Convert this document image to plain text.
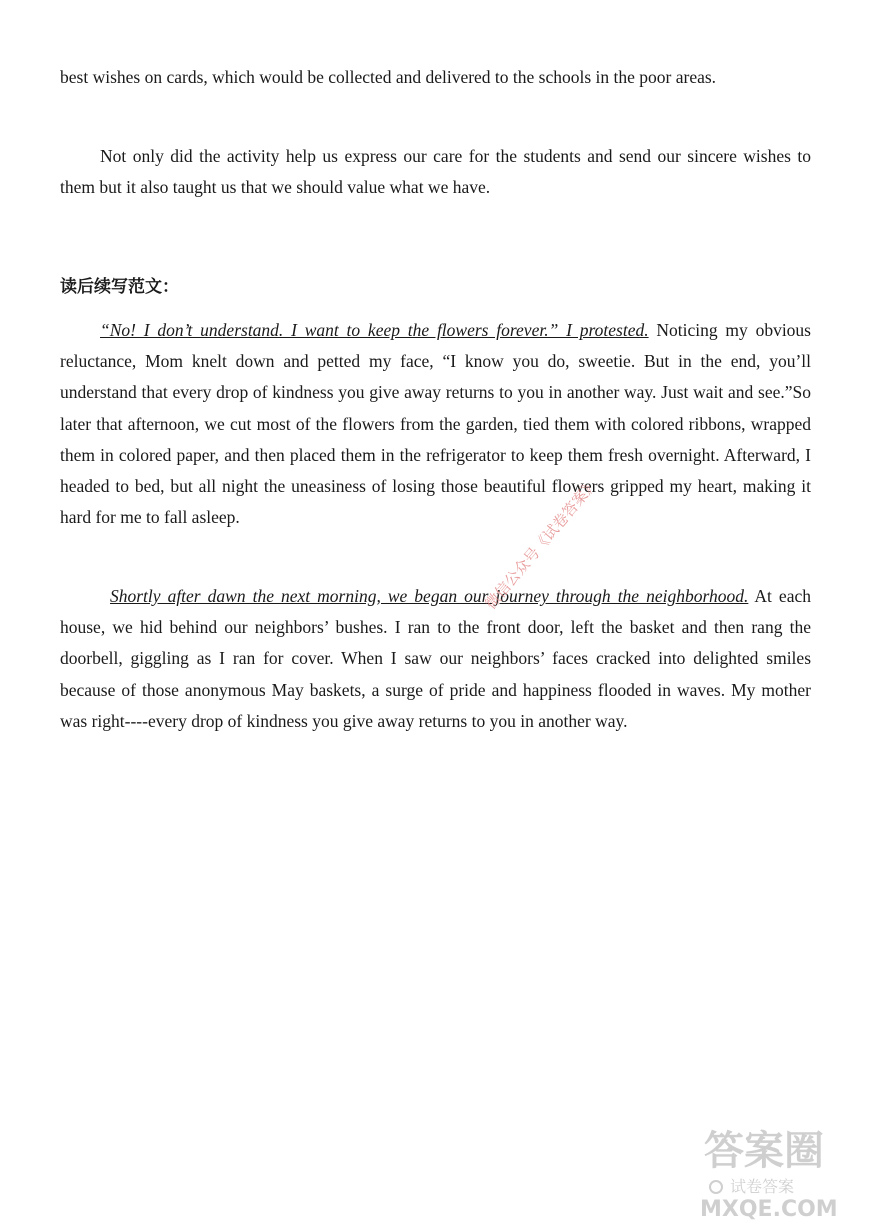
best wishes on cards, which would be collected and delivered to the schools in the poor areas.

Not only did the activity help us express our care for the students and send our sincere wishes to them but it also taught us that we should value what we have.

读后续写范文：

“No! I don’t understand. I want to keep the flowers forever.” I protested. Noticing my obvious reluctance, Mom knelt down and petted my face, “I know you do, sweetie. But in the end, you’ll understand that every drop of kindness you give away returns to you in another way. Just wait and see.”So later that afternoon, we cut most of the flowers from the garden, tied them with colored ribbons, wrapped them in colored paper, and then placed them in the refrigerator to keep them fresh overnight. Afterward, I headed to bed, but all night the uneasiness of losing those beautiful flowers gripped my heart, making it hard for me to fall asleep.

Shortly after dawn the next morning, we began our journey through the neighborhood. At each house, we hid behind our neighbors’ bushes. I ran to the front door, left the basket and then rang the doorbell, giggling as I ran for cover. When I saw our neighbors’ faces cracked into delighted smiles because of those anonymous May baskets, a surge of pride and happiness flooded in waves. My mother was right----every drop of kindness you give away returns to you in another way.

微信公众号《试卷答案》
答案圈
试卷答案
MXQE.COM
